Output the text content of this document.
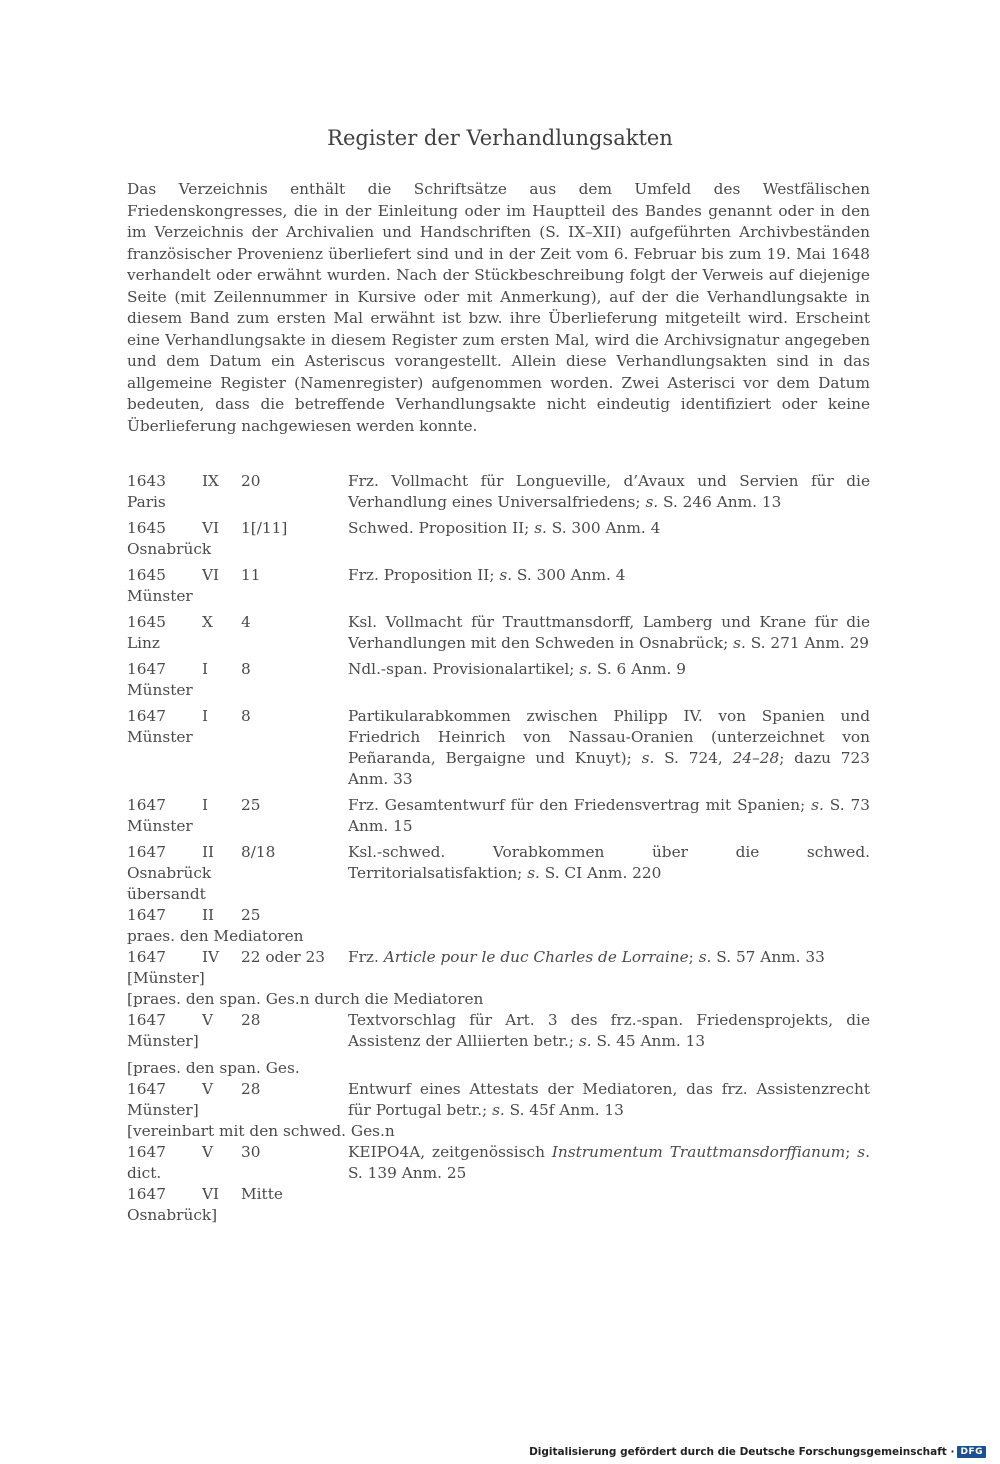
Register der Verhandlungsakten
Das Verzeichnis enthält die Schriftsätze aus dem Umfeld des Westfälischen Friedenskongresses, die in der Einleitung oder im Hauptteil des Bandes genannt oder in den im Verzeichnis der Archivalien und Handschriften (S. IX–XII) aufgeführten Archivbeständen französischer Provenienz überliefert sind und in der Zeit vom 6. Februar bis zum 19. Mai 1648 verhandelt oder erwähnt wurden. Nach der Stückbeschreibung folgt der Verweis auf diejenige Seite (mit Zeilennummer in Kursive oder mit Anmerkung), auf der die Verhandlungsakte in diesem Band zum ersten Mal erwähnt ist bzw. ihre Überlieferung mitgeteilt wird. Erscheint eine Verhandlungsakte in diesem Register zum ersten Mal, wird die Archivsignatur angegeben und dem Datum ein Asteriscus vorangestellt. Allein diese Verhandlungsakten sind in das allgemeine Register (Namenregister) aufgenommen worden. Zwei Asterisci vor dem Datum bedeuten, dass die betreffende Verhandlungsakte nicht eindeutig identifiziert oder keine Überlieferung nachgewiesen werden konnte.
1643 IX 20
Paris
Frz. Vollmacht für Longueville, d’Avaux und Servien für die Verhandlung eines Universalfriedens; s. S. 246 Anm. 13
1645 VI 1[/11]
Osnabrück
Schwed. Proposition II; s. S. 300 Anm. 4
1645 VI 11
Münster
Frz. Proposition II; s. S. 300 Anm. 4
1645 X 4
Linz
Ksl. Vollmacht für Trauttmansdorff, Lamberg und Krane für die Verhandlungen mit den Schweden in Osnabrück; s. S. 271 Anm. 29
1647 I 8
Münster
Ndl.-span. Provisionalartikel; s. S. 6 Anm. 9
1647 I 8
Münster
Partikularabkommen zwischen Philipp IV. von Spanien und Friedrich Heinrich von Nassau-Oranien (unterzeichnet von Peñaranda, Bergaigne und Knuyt); s. S. 724, 24–28; dazu 723 Anm. 33
1647 I 25
Münster
Frz. Gesamtentwurf für den Friedensvertrag mit Spanien; s. S. 73 Anm. 15
1647 II 8/18
Osnabrück
Ksl.-schwed. Vorabkommen über die schwed. Territorialsatisfaktion; s. S. CI Anm. 220
übersandt
1647 II 25
praes. den Mediatoren
1647 IV 22 oder 23
[Münster]
Frz. Article pour le duc Charles de Lorraine; s. S. 57 Anm. 33
[praes. den span. Ges.n durch die Mediatoren
1647 V 28
Münster]
Textvorschlag für Art. 3 des frz.-span. Friedensprojekts, die Assistenz der Alliierten betr.; s. S. 45 Anm. 13
[praes. den span. Ges.
1647 V 28
Münster]
Entwurf eines Attestats der Mediatoren, das frz. Assistenzrecht für Portugal betr.; s. S. 45f Anm. 13
[vereinbart mit den schwed. Ges.n
1647 V 30
dict.
KEIPO4A, zeitgenössisch Instrumentum Trauttmansdorffianum; s. S. 139 Anm. 25
1647 VI Mitte
Osnabrück]
Digitalisierung gefördert durch die Deutsche Forschungsgemeinschaft · DFG
